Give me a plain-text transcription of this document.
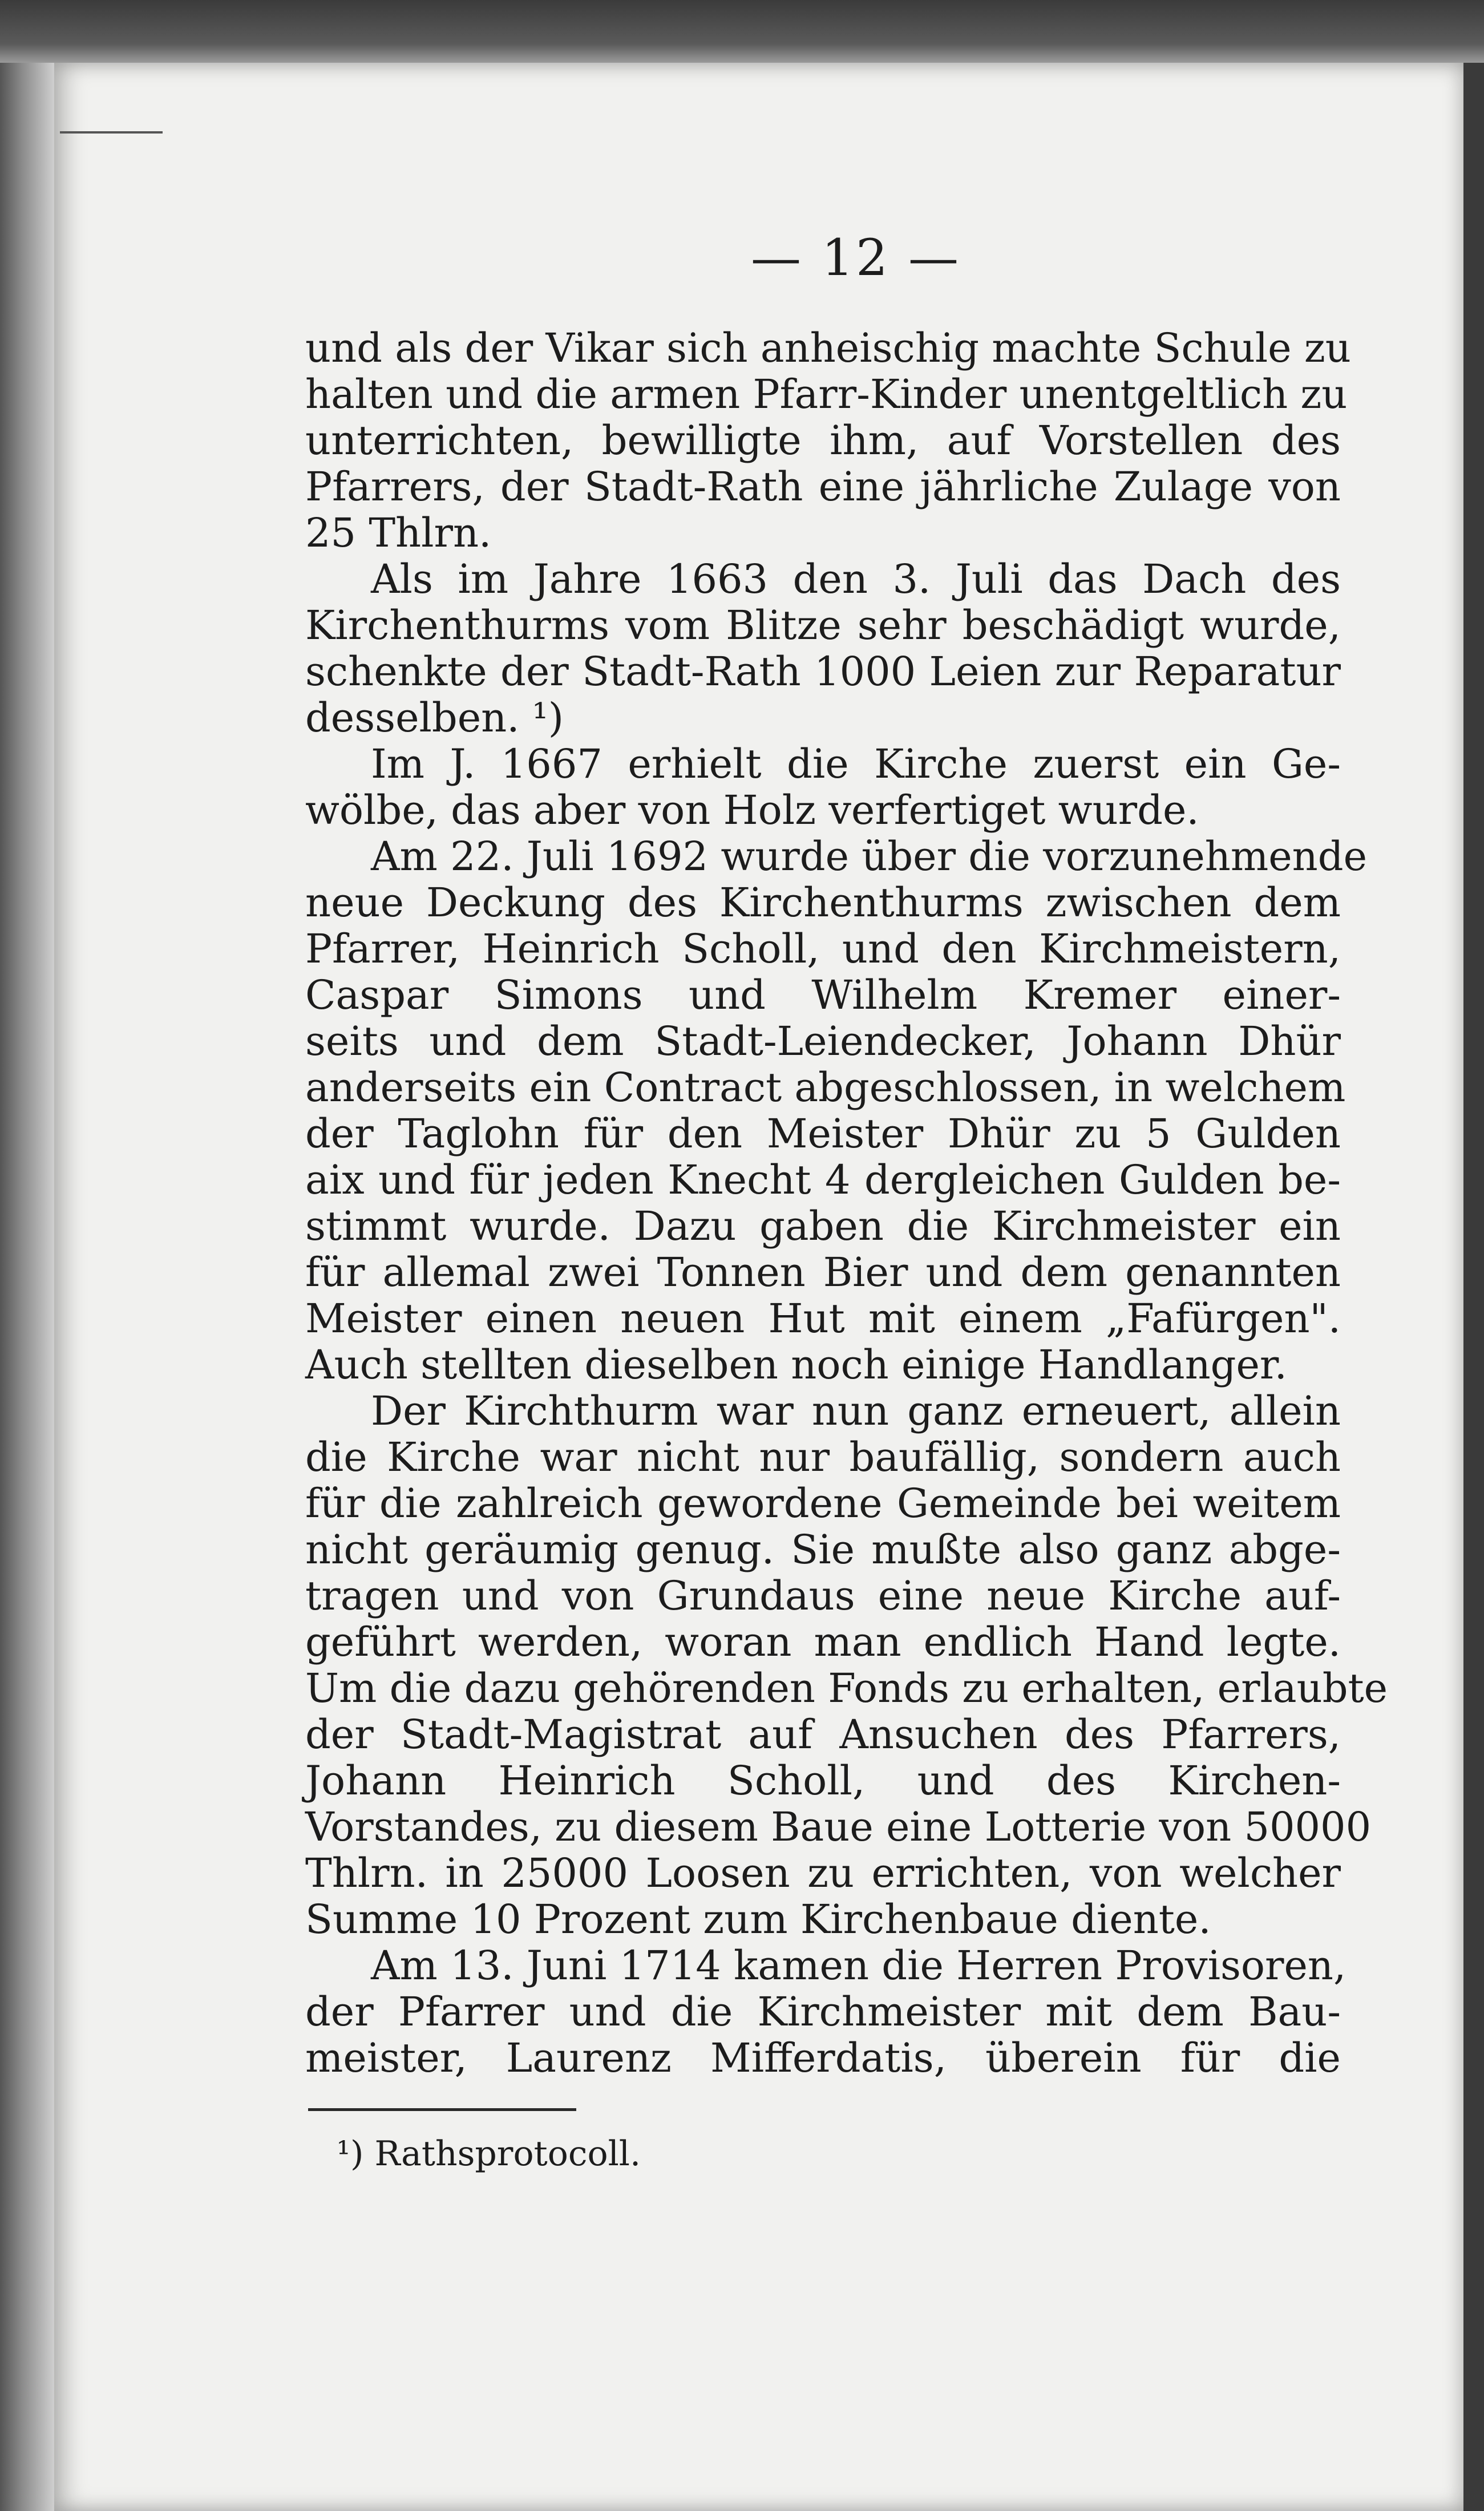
— 12 —
und als der Vikar sich anheischig machte Schule zu
halten und die armen Pfarr-Kinder unentgeltlich zu
unterrichten, bewilligte ihm, auf Vorstellen des
Pfarrers, der Stadt-Rath eine jährliche Zulage von
25 Thlrn.
Als im Jahre 1663 den 3. Juli das Dach des
Kirchenthurms vom Blitze sehr beschädigt wurde,
schenkte der Stadt-Rath 1000 Leien zur Reparatur
desselben. ¹)
Im J. 1667 erhielt die Kirche zuerst ein Ge-
wölbe, das aber von Holz verfertiget wurde.
Am 22. Juli 1692 wurde über die vorzunehmende
neue Deckung des Kirchenthurms zwischen dem
Pfarrer, Heinrich Scholl, und den Kirchmeistern,
Caspar Simons und Wilhelm Kremer einer-
seits und dem Stadt-Leiendecker, Johann Dhür
anderseits ein Contract abgeschlossen, in welchem
der Taglohn für den Meister Dhür zu 5 Gulden
aix und für jeden Knecht 4 dergleichen Gulden be-
stimmt wurde. Dazu gaben die Kirchmeister ein
für allemal zwei Tonnen Bier und dem genannten
Meister einen neuen Hut mit einem „Fafürgen".
Auch stellten dieselben noch einige Handlanger.
Der Kirchthurm war nun ganz erneuert, allein
die Kirche war nicht nur baufällig, sondern auch
für die zahlreich gewordene Gemeinde bei weitem
nicht geräumig genug. Sie mußte also ganz abge-
tragen und von Grundaus eine neue Kirche auf-
geführt werden, woran man endlich Hand legte.
Um die dazu gehörenden Fonds zu erhalten, erlaubte
der Stadt-Magistrat auf Ansuchen des Pfarrers,
Johann Heinrich Scholl, und des Kirchen-
Vorstandes, zu diesem Baue eine Lotterie von 50000
Thlrn. in 25000 Loosen zu errichten, von welcher
Summe 10 Prozent zum Kirchenbaue diente.
Am 13. Juni 1714 kamen die Herren Provisoren,
der Pfarrer und die Kirchmeister mit dem Bau-
meister, Laurenz Mifferdatis, überein für die
¹) Rathsprotocoll.
